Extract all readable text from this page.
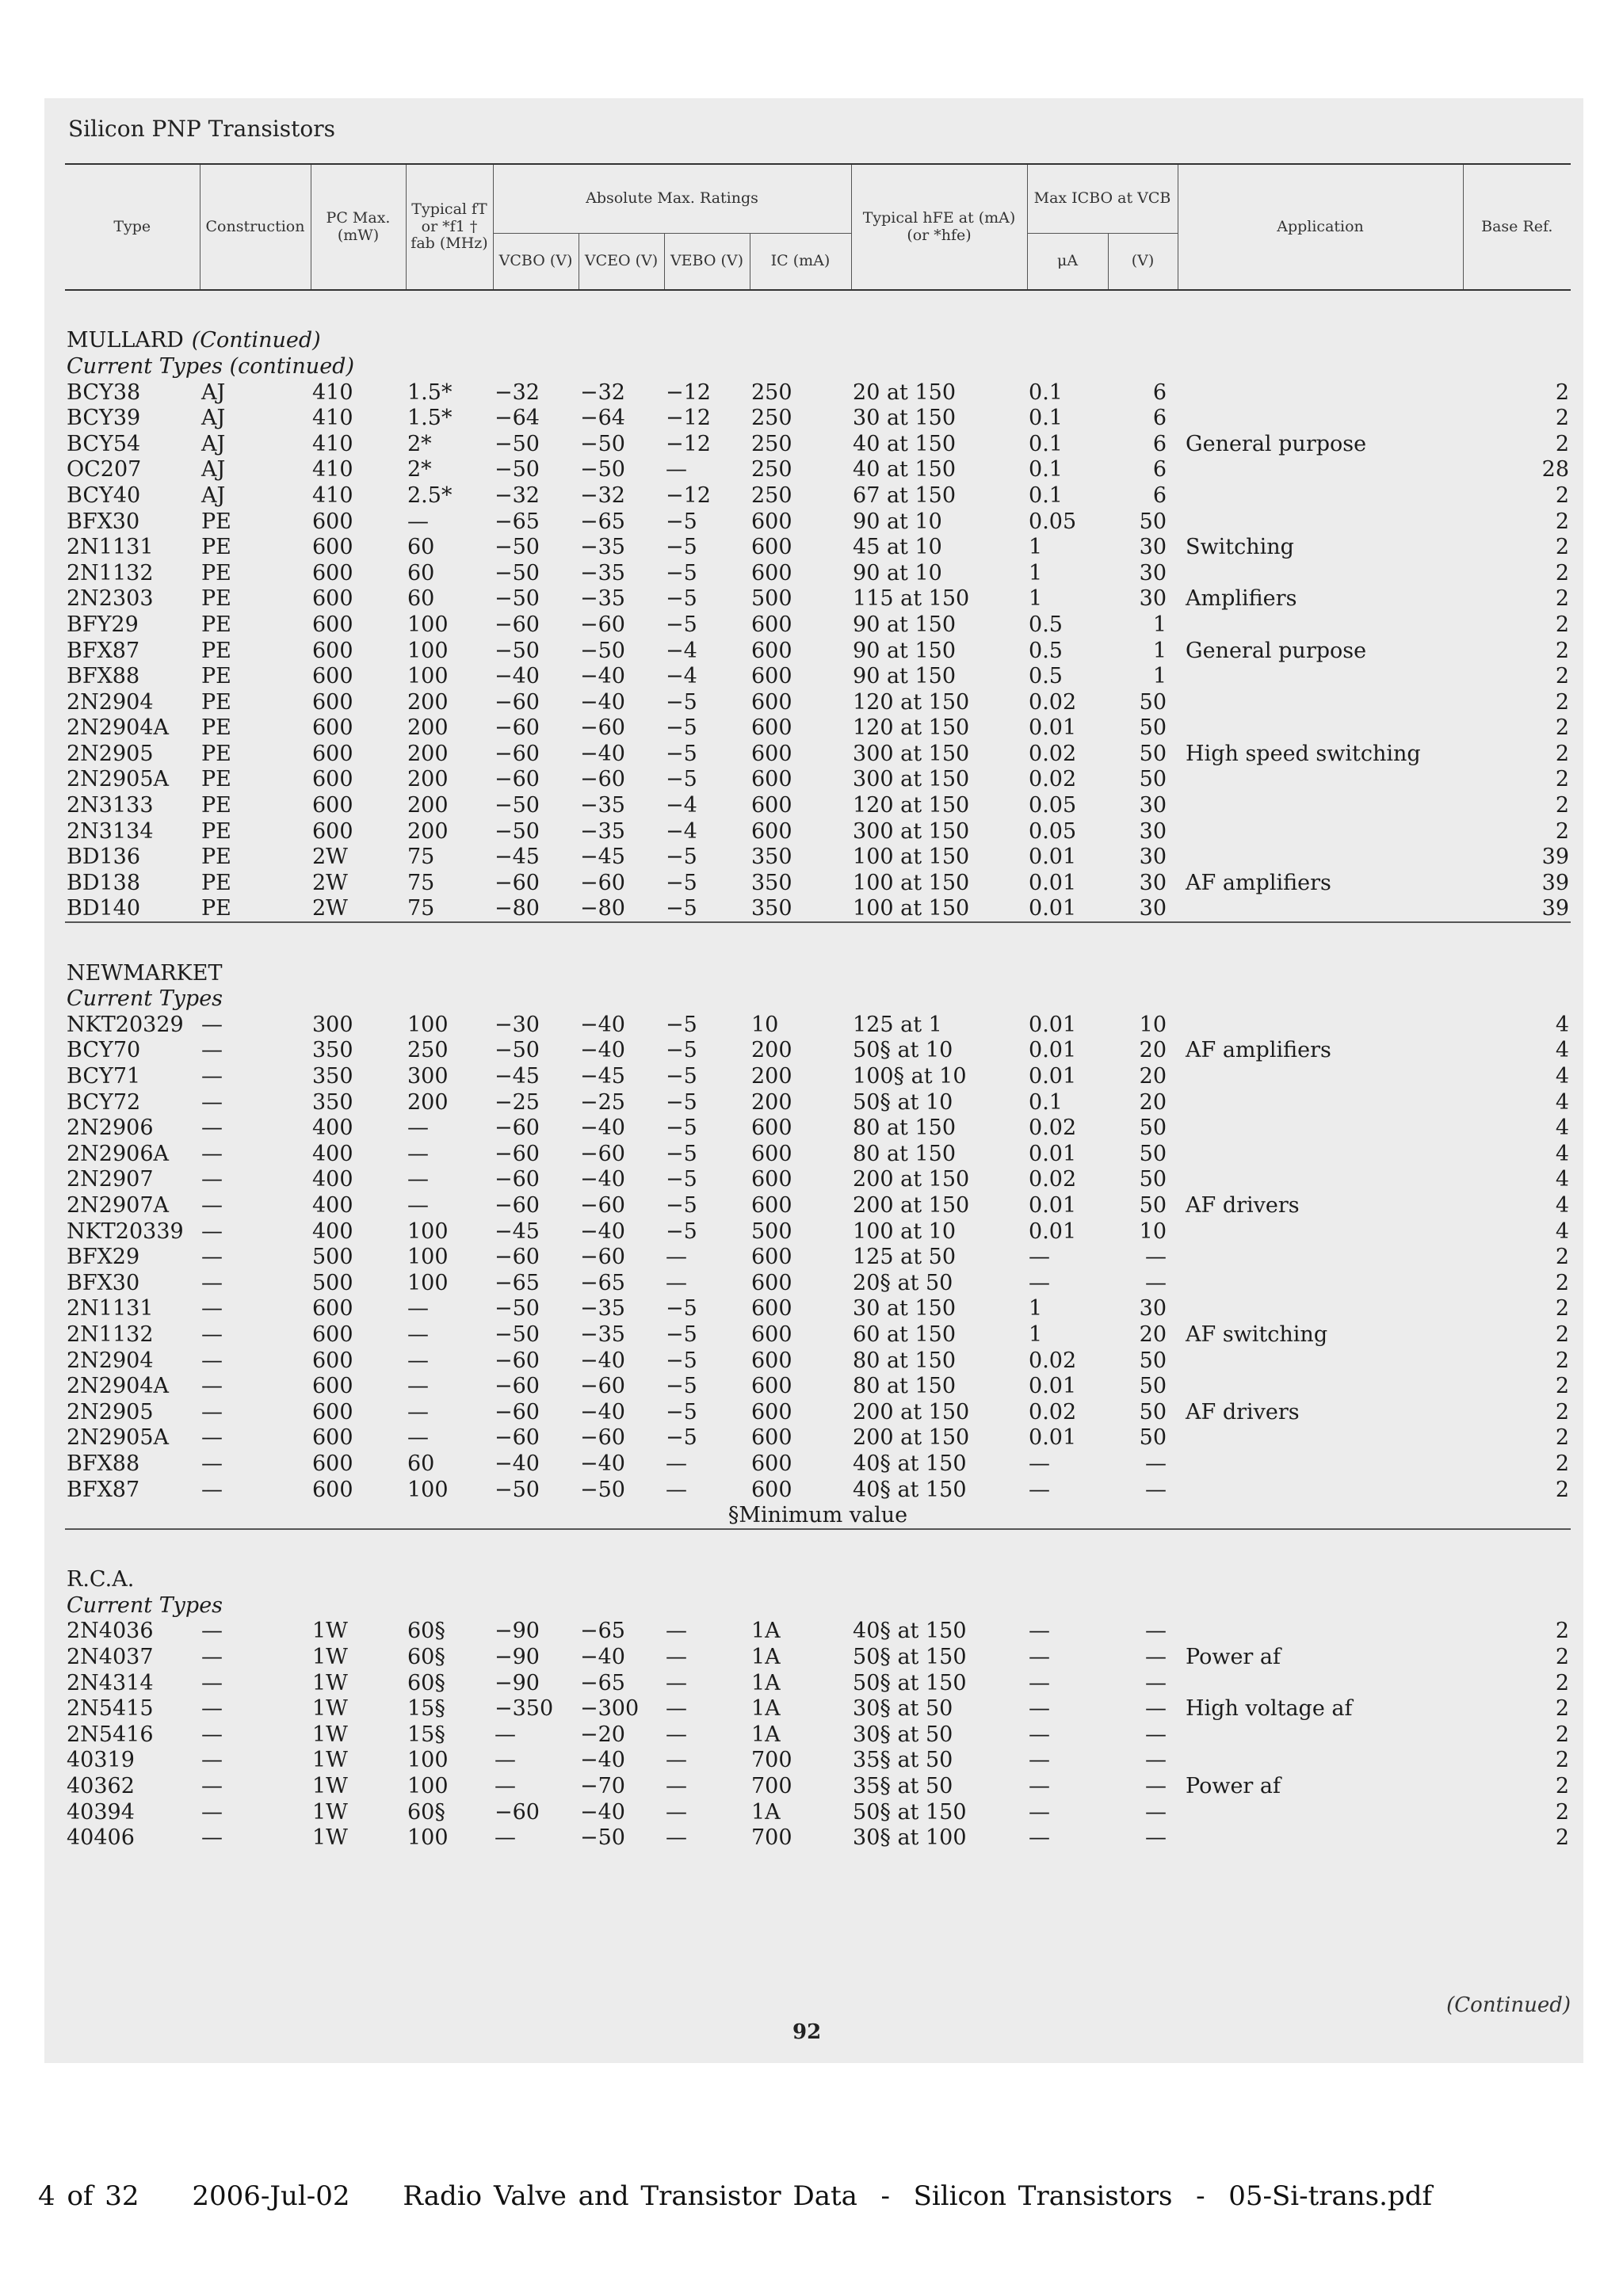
Silicon PNP Transistors
Type	Construction	PC Max. (mW)	Typical fT or *f1 † fab (MHz)	Absolute Max. Ratings				Typical hFE at (mA) (or *hfe)	Max ICBO at VCB		Application	Base Ref.
				VCBO (V)	VCEO (V)	VEBO (V)	IC (mA)		μA	(V)		

MULLARD (Continued)												
Current Types (continued)												
BCY38	AJ	410	1.5*	−32	−32	−12	250	20 at 150	0.1	6		2
BCY39	AJ	410	1.5*	−64	−64	−12	250	30 at 150	0.1	6		2
BCY54	AJ	410	2*	−50	−50	−12	250	40 at 150	0.1	6	General purpose	2
OC207	AJ	410	2*	−50	−50	—	250	40 at 150	0.1	6		28
BCY40	AJ	410	2.5*	−32	−32	−12	250	67 at 150	0.1	6		2
BFX30	PE	600	—	−65	−65	−5	600	90 at 10	0.05	50		2
2N1131	PE	600	60	−50	−35	−5	600	45 at 10	1	30	Switching	2
2N1132	PE	600	60	−50	−35	−5	600	90 at 10	1	30		2
2N2303	PE	600	60	−50	−35	−5	500	115 at 150	1	30	Amplifiers	2
BFY29	PE	600	100	−60	−60	−5	600	90 at 150	0.5	1		2
BFX87	PE	600	100	−50	−50	−4	600	90 at 150	0.5	1	General purpose	2
BFX88	PE	600	100	−40	−40	−4	600	90 at 150	0.5	1		2
2N2904	PE	600	200	−60	−40	−5	600	120 at 150	0.02	50		2
2N2904A	PE	600	200	−60	−60	−5	600	120 at 150	0.01	50		2
2N2905	PE	600	200	−60	−40	−5	600	300 at 150	0.02	50	High speed switching	2
2N2905A	PE	600	200	−60	−60	−5	600	300 at 150	0.02	50		2
2N3133	PE	600	200	−50	−35	−4	600	120 at 150	0.05	30		2
2N3134	PE	600	200	−50	−35	−4	600	300 at 150	0.05	30		2
BD136	PE	2W	75	−45	−45	−5	350	100 at 150	0.01	30		39
BD138	PE	2W	75	−60	−60	−5	350	100 at 150	0.01	30	AF amplifiers	39
BD140	PE	2W	75	−80	−80	−5	350	100 at 150	0.01	30		39

NEWMARKET												
Current Types												
NKT20329	—	300	100	−30	−40	−5	10	125 at 1	0.01	10		4
BCY70	—	350	250	−50	−40	−5	200	50§ at 10	0.01	20	AF amplifiers	4
BCY71	—	350	300	−45	−45	−5	200	100§ at 10	0.01	20		4
BCY72	—	350	200	−25	−25	−5	200	50§ at 10	0.1	20		4
2N2906	—	400	—	−60	−40	−5	600	80 at 150	0.02	50		4
2N2906A	—	400	—	−60	−60	−5	600	80 at 150	0.01	50		4
2N2907	—	400	—	−60	−40	−5	600	200 at 150	0.02	50		4
2N2907A	—	400	—	−60	−60	−5	600	200 at 150	0.01	50	AF drivers	4
NKT20339	—	400	100	−45	−40	−5	500	100 at 10	0.01	10		4
BFX29	—	500	100	−60	−60	—	600	125 at 50	—	—		2
BFX30	—	500	100	−65	−65	—	600	20§ at 50	—	—		2
2N1131	—	600	—	−50	−35	−5	600	30 at 150	1	30		2
2N1132	—	600	—	−50	−35	−5	600	60 at 150	1	20	AF switching	2
2N2904	—	600	—	−60	−40	−5	600	80 at 150	0.02	50		2
2N2904A	—	600	—	−60	−60	−5	600	80 at 150	0.01	50		2
2N2905	—	600	—	−60	−40	−5	600	200 at 150	0.02	50	AF drivers	2
2N2905A	—	600	—	−60	−60	−5	600	200 at 150	0.01	50		2
BFX88	—	600	60	−40	−40	—	600	40§ at 150	—	—		2
BFX87	—	600	100	−50	−50	—	600	40§ at 150	—	—		2
§Minimum value												

R.C.A.												
Current Types												
2N4036	—	1W	60§	−90	−65	—	1A	40§ at 150	—	—		2
2N4037	—	1W	60§	−90	−40	—	1A	50§ at 150	—	—	Power af	2
2N4314	—	1W	60§	−90	−65	—	1A	50§ at 150	—	—		2
2N5415	—	1W	15§	−350	−300	—	1A	30§ at 50	—	—	High voltage af	2
2N5416	—	1W	15§	—	−20	—	1A	30§ at 50	—	—		2
40319	—	1W	100	—	−40	—	700	35§ at 50	—	—		2
40362	—	1W	100	—	−70	—	700	35§ at 50	—	—	Power af	2
40394	—	1W	60§	−60	−40	—	1A	50§ at 150	—	—		2
40406	—	1W	100	—	−50	—	700	30§ at 100	—	—		2
(Continued)
92
4 of 32 2006-Jul-02 Radio Valve and Transistor Data  -  Silicon Transistors  -  05-Si-trans.pdf
